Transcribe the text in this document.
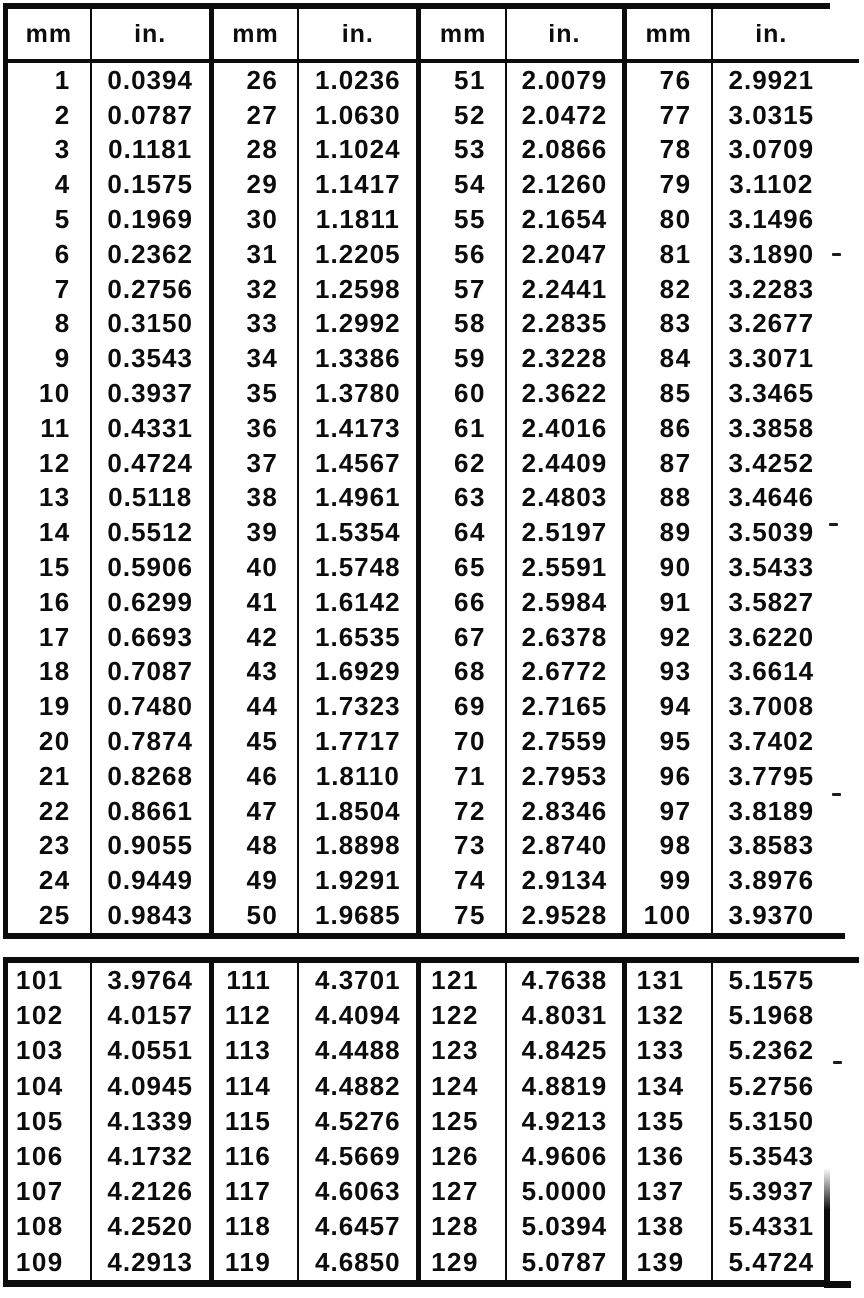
mm	in.	mm	in.	mm	in.	mm	in.
1	0.0394	26	1.0236	51	2.0079	76	2.9921
2	0.0787	27	1.0630	52	2.0472	77	3.0315
3	0.1181	28	1.1024	53	2.0866	78	3.0709
4	0.1575	29	1.1417	54	2.1260	79	3.1102
5	0.1969	30	1.1811	55	2.1654	80	3.1496
6	0.2362	31	1.2205	56	2.2047	81	3.1890
7	0.2756	32	1.2598	57	2.2441	82	3.2283
8	0.3150	33	1.2992	58	2.2835	83	3.2677
9	0.3543	34	1.3386	59	2.3228	84	3.3071
10	0.3937	35	1.3780	60	2.3622	85	3.3465
11	0.4331	36	1.4173	61	2.4016	86	3.3858
12	0.4724	37	1.4567	62	2.4409	87	3.4252
13	0.5118	38	1.4961	63	2.4803	88	3.4646
14	0.5512	39	1.5354	64	2.5197	89	3.5039
15	0.5906	40	1.5748	65	2.5591	90	3.5433
16	0.6299	41	1.6142	66	2.5984	91	3.5827
17	0.6693	42	1.6535	67	2.6378	92	3.6220
18	0.7087	43	1.6929	68	2.6772	93	3.6614
19	0.7480	44	1.7323	69	2.7165	94	3.7008
20	0.7874	45	1.7717	70	2.7559	95	3.7402
21	0.8268	46	1.8110	71	2.7953	96	3.7795
22	0.8661	47	1.8504	72	2.8346	97	3.8189
23	0.9055	48	1.8898	73	2.8740	98	3.8583
24	0.9449	49	1.9291	74	2.9134	99	3.8976
25	0.9843	50	1.9685	75	2.9528	100	3.9370
101	3.9764	111	4.3701	121	4.7638	131	5.1575
102	4.0157	112	4.4094	122	4.8031	132	5.1968
103	4.0551	113	4.4488	123	4.8425	133	5.2362
104	4.0945	114	4.4882	124	4.8819	134	5.2756
105	4.1339	115	4.5276	125	4.9213	135	5.3150
106	4.1732	116	4.5669	126	4.9606	136	5.3543
107	4.2126	117	4.6063	127	5.0000	137	5.3937
108	4.2520	118	4.6457	128	5.0394	138	5.4331
109	4.2913	119	4.6850	129	5.0787	139	5.4724
